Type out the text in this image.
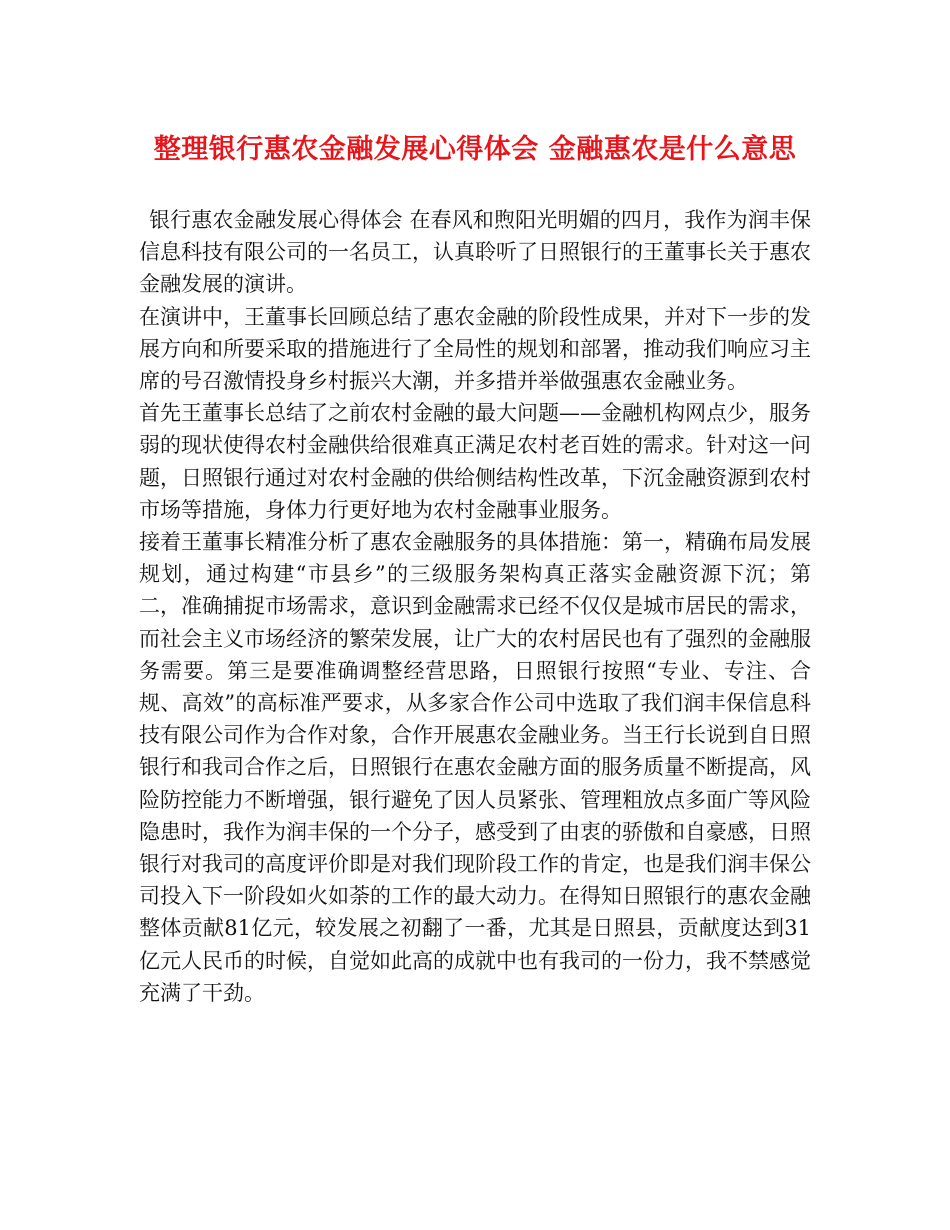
整理银行惠农金融发展心得体会 金融惠农是什么意思

银行惠农金融发展心得体会 在春风和煦阳光明媚的四月，我作为润丰保信息科技有限公司的一名员工，认真聆听了日照银行的王董事长关于惠农金融发展的演讲。

在演讲中，王董事长回顾总结了惠农金融的阶段性成果，并对下一步的发展方向和所要采取的措施进行了全局性的规划和部署，推动我们响应习主席的号召激情投身乡村振兴大潮，并多措并举做强惠农金融业务。

首先王董事长总结了之前农村金融的最大问题——金融机构网点少，服务弱的现状使得农村金融供给很难真正满足农村老百姓的需求。针对这一问题，日照银行通过对农村金融的供给侧结构性改革，下沉金融资源到农村市场等措施，身体力行更好地为农村金融事业服务。

接着王董事长精准分析了惠农金融服务的具体措施：第一，精确布局发展规划，通过构建“市县乡”的三级服务架构真正落实金融资源下沉；第二，准确捕捉市场需求，意识到金融需求已经不仅仅是城市居民的需求，而社会主义市场经济的繁荣发展，让广大的农村居民也有了强烈的金融服务需要。第三是要准确调整经营思路，日照银行按照“专业、专注、合规、高效”的高标准严要求，从多家合作公司中选取了我们润丰保信息科技有限公司作为合作对象，合作开展惠农金融业务。当王行长说到自日照银行和我司合作之后，日照银行在惠农金融方面的服务质量不断提高，风险防控能力不断增强，银行避免了因人员紧张、管理粗放点多面广等风险隐患时，我作为润丰保的一个分子，感受到了由衷的骄傲和自豪感，日照银行对我司的高度评价即是对我们现阶段工作的肯定，也是我们润丰保公司投入下一阶段如火如荼的工作的最大动力。在得知日照银行的惠农金融整体贡献81亿元，较发展之初翻了一番，尤其是日照县，贡献度达到31亿元人民币的时候，自觉如此高的成就中也有我司的一份力，我不禁感觉充满了干劲。
